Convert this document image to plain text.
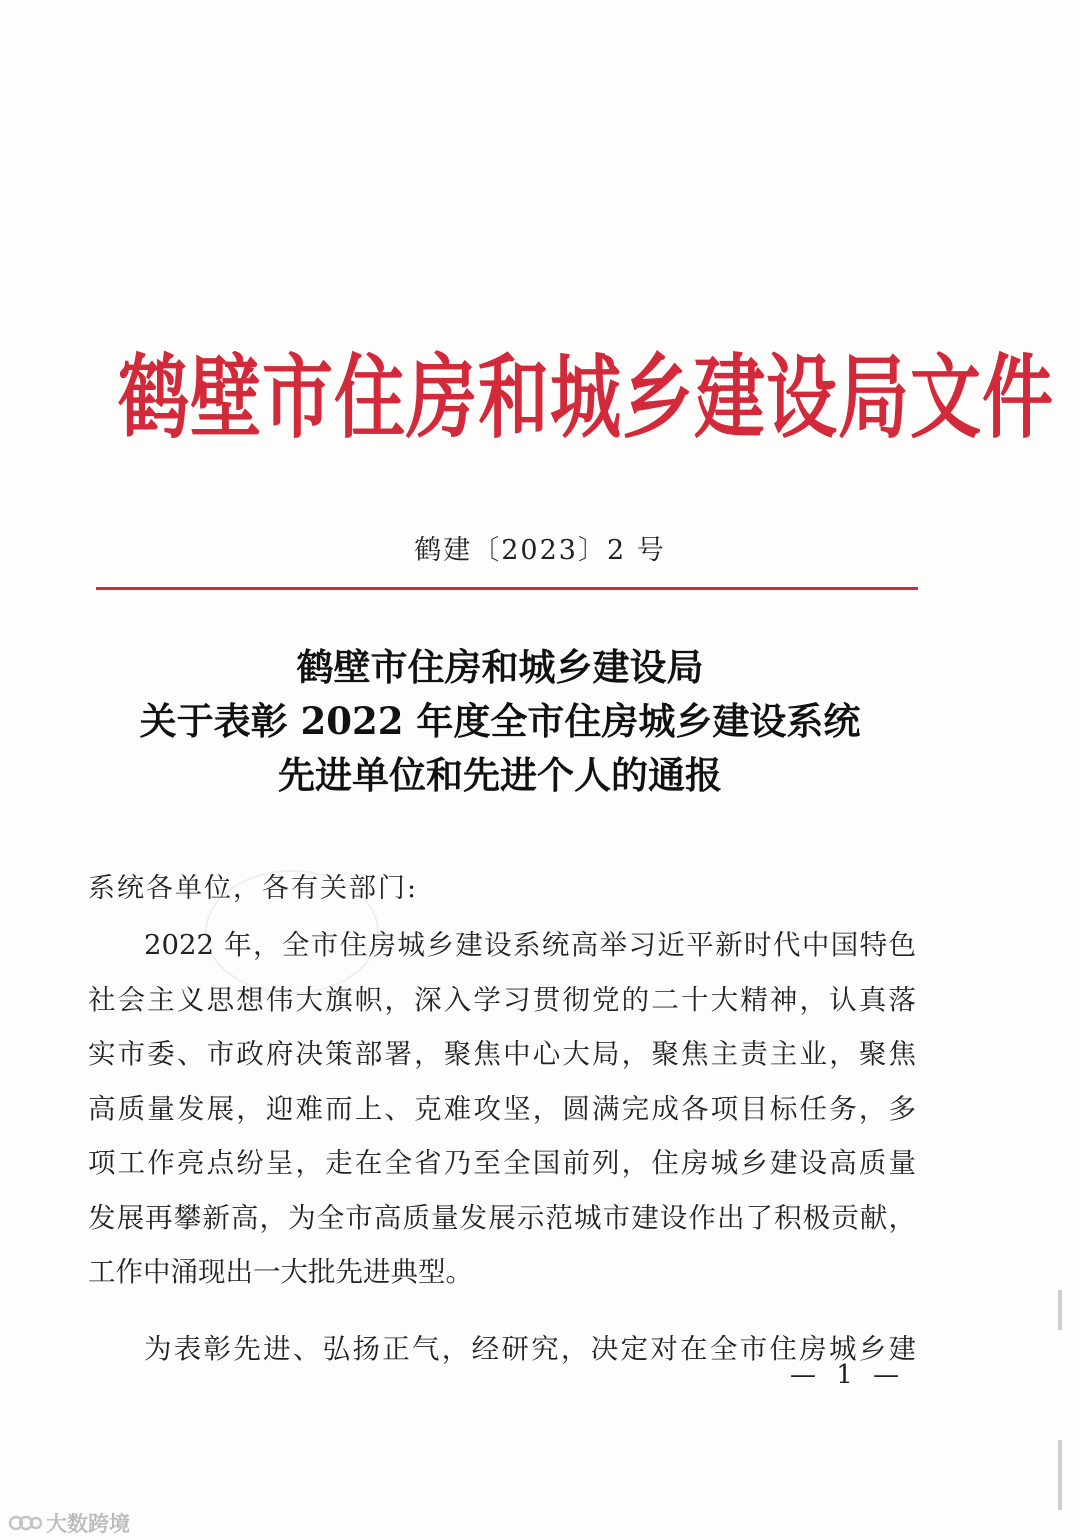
鹤壁市住房和城乡建设局文件
鹤建〔2023〕2 号
鹤壁市住房和城乡建设局
关于表彰 2022 年度全市住房城乡建设系统
先进单位和先进个人的通报
系统各单位，各有关部门:

2022 年，全市住房城乡建设系统高举习近平新时代中国特色
社会主义思想伟大旗帜，深入学习贯彻党的二十大精神，认真落
实市委、市政府决策部署，聚焦中心大局，聚焦主责主业，聚焦
高质量发展，迎难而上、克难攻坚，圆满完成各项目标任务，多
项工作亮点纷呈，走在全省乃至全国前列，住房城乡建设高质量
发展再攀新高，为全市高质量发展示范城市建设作出了积极贡献，
工作中涌现出一大批先进典型。

为表彰先进、弘扬正气，经研究，决定对在全市住房城乡建

— 1 —
大数跨境
